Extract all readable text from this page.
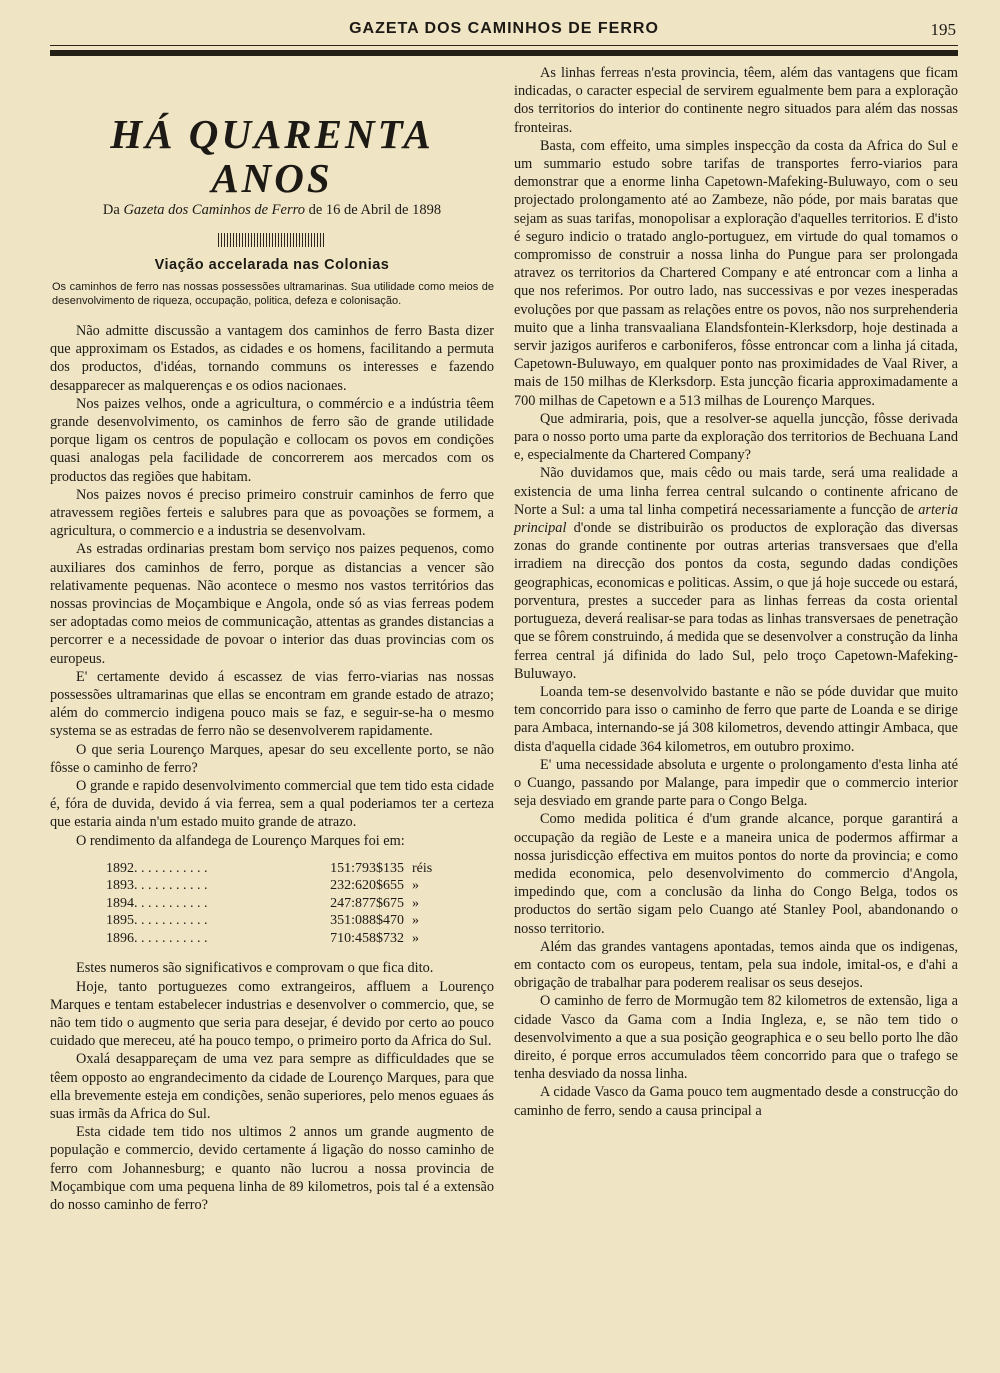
GAZETA DOS CAMINHOS DE FERRO	195
HÁ QUARENTA ANOS
Da Gazeta dos Caminhos de Ferro de 16 de Abril de 1898
Viação accelarada nas Colonias
Os caminhos de ferro nas nossas possessões ultramarinas. Sua utilidade como meios de desenvolvimento de riqueza, occupação, politica, defeza e colonisação.

Não admitte discussão a vantagem dos caminhos de ferro Basta dizer que approximam os Estados, as cidades e os homens, facilitando a permuta dos productos, d'idéas, tornando communs os interesses e fazendo desapparecer as malquerenças e os odios nacionaes.

Nos paizes velhos, onde a agricultura, o commércio e a indústria têem grande desenvolvimento, os caminhos de ferro são de grande utilidade porque ligam os centros de população e collocam os povos em condições quasi analogas pela facilidade de concorrerem aos mercados com os productos das regiões que habitam.

Nos paizes novos é preciso primeiro construir caminhos de ferro que atravessem regiões ferteis e salubres para que as povoações se formem, a agricultura, o commercio e a industria se desenvolvam.

As estradas ordinarias prestam bom serviço nos paizes pequenos, como auxiliares dos caminhos de ferro, porque as distancias a vencer são relativamente pequenas. Não acontece o mesmo nos vastos territórios das nossas provincias de Moçambique e Angola, onde só as vias ferreas podem ser adoptadas como meios de communicação, attentas as grandes distancias a percorrer e a necessidade de povoar o interior das duas provincias com os europeus.

E' certamente devido á escassez de vias ferro-viarias nas nossas possessões ultramarinas que ellas se encontram em grande estado de atrazo; além do commercio indigena pouco mais se faz, e seguir-se-ha o mesmo systema se as estradas de ferro não se desenvolverem rapidamente.

O que seria Lourenço Marques, apesar do seu excellente porto, se não fôsse o caminho de ferro?

O grande e rapido desenvolvimento commercial que tem tido esta cidade é, fóra de duvida, devido á via ferrea, sem a qual poderiamos ter a certeza que estaria ainda n'um estado muito grande de atrazo.

O rendimento da alfandega de Lourenço Marques foi em:

1892. . . . . . . . . . .	151:793$135	réis
1893. . . . . . . . . . .	232:620$655	»
1894. . . . . . . . . . .	247:877$675	»
1895. . . . . . . . . . .	351:088$470	»
1896. . . . . . . . . . .	710:458$732	»

Estes numeros são significativos e comprovam o que fica dito.

Hoje, tanto portuguezes como extrangeiros, affluem a Lourenço Marques e tentam estabelecer industrias e desenvolver o commercio, que, se não tem tido o augmento que seria para desejar, é devido por certo ao pouco cuidado que mereceu, até ha pouco tempo, o primeiro porto da Africa do Sul.

Oxalá desappareçam de uma vez para sempre as difficuldades que se têem opposto ao engrandecimento da cidade de Lourenço Marques, para que ella brevemente esteja em condições, senão superiores, pelo menos eguaes ás suas irmãs da Africa do Sul.

Esta cidade tem tido nos ultimos 2 annos um grande augmento de população e commercio, devido certamente á ligação do nosso caminho de ferro com Johannesburg; e quanto não lucrou a nossa provincia de Moçambique com uma pequena linha de 89 kilometros, pois tal é a extensão do nosso caminho de ferro?

As linhas ferreas n'esta provincia, têem, além das vantagens que ficam indicadas, o caracter especial de servirem egualmente bem para a exploração dos territorios do interior do continente negro situados para além das nossas fronteiras.

Basta, com effeito, uma simples inspecção da costa da Africa do Sul e um summario estudo sobre tarifas de transportes ferro-viarios para demonstrar que a enorme linha Capetown-Mafeking-Buluwayo, com o seu projectado prolongamento até ao Zambeze, não póde, por mais baratas que sejam as suas tarifas, monopolisar a exploração d'aquelles territorios. E d'isto é seguro indicio o tratado anglo-portuguez, em virtude do qual tomamos o compromisso de construir a nossa linha do Pungue para ser prolongada atravez os territorios da Chartered Company e até entroncar com a linha a que nos referimos. Por outro lado, nas successivas e por vezes inesperadas evoluções por que passam as relações entre os povos, não nos surprehenderia muito que a linha transvaaliana Elandsfontein-Klerksdorp, hoje destinada a servir jazigos auriferos e carboniferos, fôsse entroncar com a linha já citada, Capetown-Buluwayo, em qualquer ponto nas proximidades de Vaal River, a mais de 150 milhas de Klerksdorp. Esta juncção ficaria approximadamente a 700 milhas de Capetown e a 513 milhas de Lourenço Marques.

Que admiraria, pois, que a resolver-se aquella juncção, fôsse derivada para o nosso porto uma parte da exploração dos territorios de Bechuana Land e, especialmente da Chartered Company?

Não duvidamos que, mais cêdo ou mais tarde, será uma realidade a existencia de uma linha ferrea central sulcando o continente africano de Norte a Sul: a uma tal linha competirá necessariamente a funcção de arteria principal d'onde se distribuirão os productos de exploração das diversas zonas do grande continente por outras arterias transversaes que d'ella irradiem na direcção dos pontos da costa, segundo dadas condições geographicas, economicas e politicas. Assim, o que já hoje succede ou estará, porventura, prestes a succeder para as linhas ferreas da costa oriental portugueza, deverá realisar-se para todas as linhas transversaes de penetração que se fôrem construindo, á medida que se desenvolver a construção da linha ferrea central já difinida do lado Sul, pelo troço Capetown-Mafeking-Buluwayo.

Loanda tem-se desenvolvido bastante e não se póde duvidar que muito tem concorrido para isso o caminho de ferro que parte de Loanda e se dirige para Ambaca, internando-se já 308 kilometros, devendo attingir Ambaca, que dista d'aquella cidade 364 kilometros, em outubro proximo.

E' uma necessidade absoluta e urgente o prolongamento d'esta linha até o Cuango, passando por Malange, para impedir que o commercio interior seja desviado em grande parte para o Congo Belga.

Como medida politica é d'um grande alcance, porque garantirá a occupação da região de Leste e a maneira unica de podermos affirmar a nossa jurisdicção effectiva em muitos pontos do norte da provincia; e como medida economica, pelo desenvolvimento do commercio d'Angola, impedindo que, com a conclusão da linha do Congo Belga, todos os productos do sertão sigam pelo Cuango até Stanley Pool, abandonando o nosso territorio.

Além das grandes vantagens apontadas, temos ainda que os indigenas, em contacto com os europeus, tentam, pela sua indole, imital-os, e d'ahi a obrigação de trabalhar para poderem realisar os seus desejos.

O caminho de ferro de Mormugão tem 82 kilometros de extensão, liga a cidade Vasco da Gama com a India Ingleza, e, se não tem tido o desenvolvimento a que a sua posição geographica e o seu bello porto lhe dão direito, é porque erros accumulados têem concorrido para que o trafego se tenha desviado da nossa linha.

A cidade Vasco da Gama pouco tem augmentado desde a construcção do caminho de ferro, sendo a causa principal a
